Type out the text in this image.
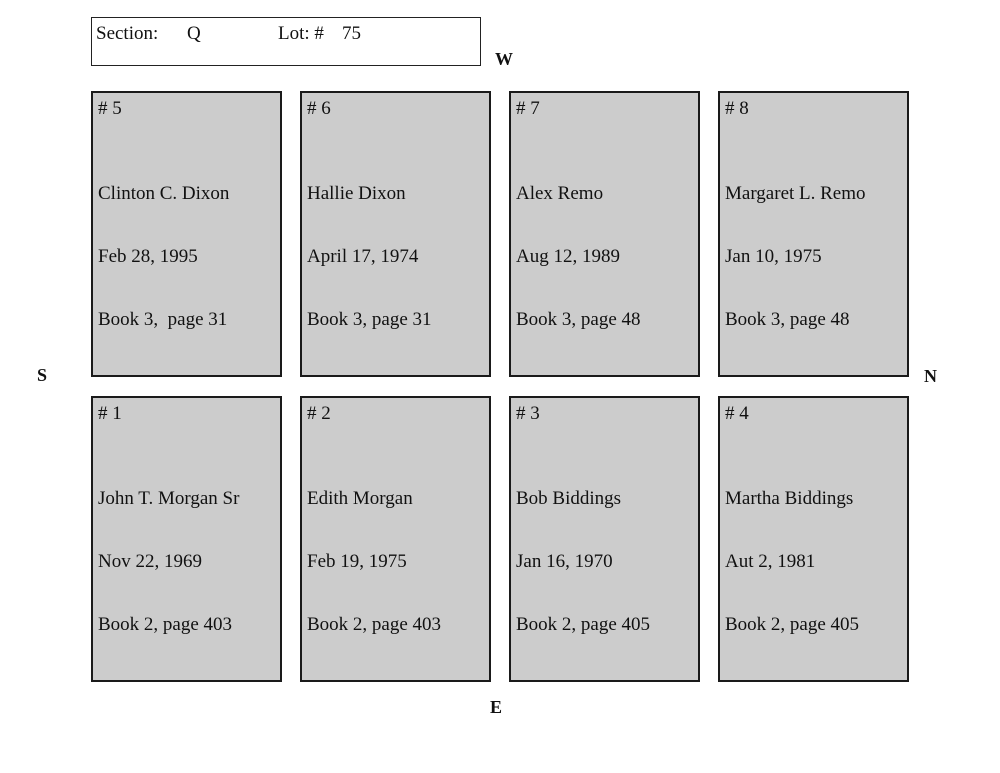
Section: Q	Lot: # 75
W
E
S	N
# 5

Clinton C. Dixon

Feb 28, 1995

Book 3,  page 31

# 6

Hallie Dixon

April 17, 1974

Book 3, page 31

# 7

Alex Remo

Aug 12, 1989

Book 3, page 48

# 8

Margaret L. Remo

Jan 10, 1975

Book 3, page 48

# 1

John T. Morgan Sr

Nov 22, 1969

Book 2, page 403

# 2

Edith Morgan

Feb 19, 1975

Book 2, page 403

# 3

Bob Biddings

Jan 16, 1970

Book 2, page 405

# 4

Martha Biddings

Aut 2, 1981

Book 2, page 405
